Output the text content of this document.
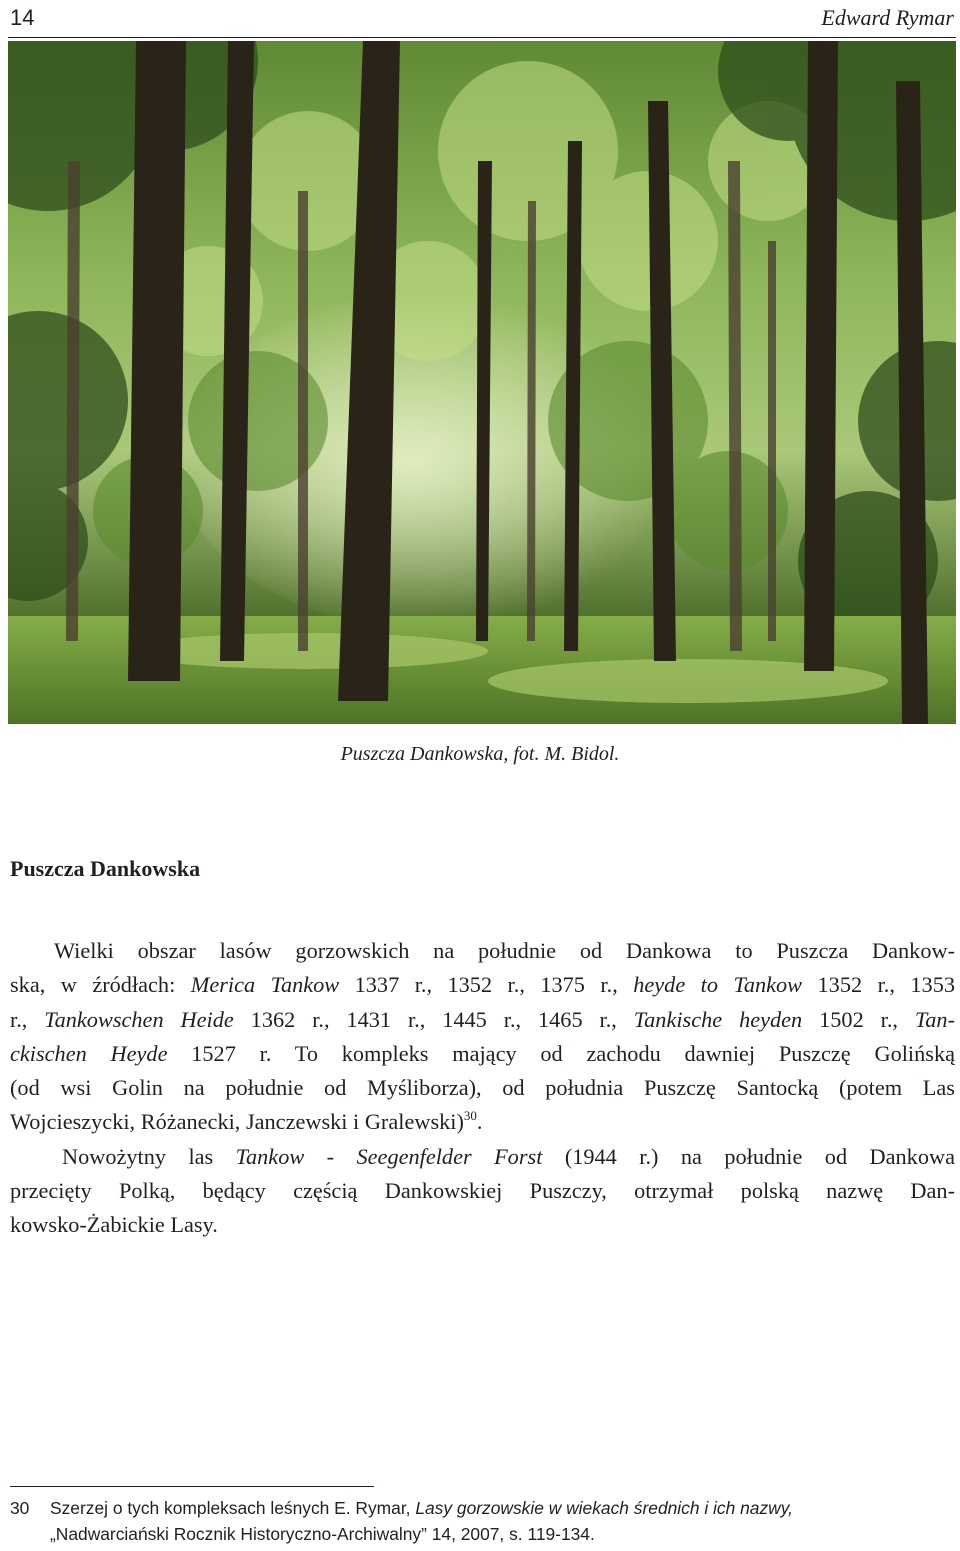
14	Edward Rymar
Puszcza Dankowska, fot. M. Bidol.
Puszcza Dankowska
Wielki obszar lasów gorzowskich na południe od Dankowa to Puszcza Dankow-
ska, w źródłach: Merica Tankow 1337 r., 1352 r., 1375 r., heyde to Tankow 1352 r., 1353
r., Tankowschen Heide 1362 r., 1431 r., 1445 r., 1465 r., Tankische heyden 1502 r., Tan-
ckischen Heyde 1527 r. To kompleks mający od zachodu dawniej Puszczę Golińską
(od wsi Golin na południe od Myśliborza), od południa Puszczę Santocką (potem Las
Wojcieszycki, Różanecki, Janczewski i Gralewski)$^{30}$.
Nowożytny las Tankow - Seegenfelder Forst (1944 r.) na południe od Dankowa
przecięty Polką, będący częścią Dankowskiej Puszczy, otrzymał polską nazwę Dan-
kowsko-Żabickie Lasy.
30 Szerzej o tych kompleksach leśnych E. Rymar, Lasy gorzowskie w wiekach średnich i ich nazwy,
„Nadwarciański Rocznik Historyczno-Archiwalny” 14, 2007, s. 119-134.
